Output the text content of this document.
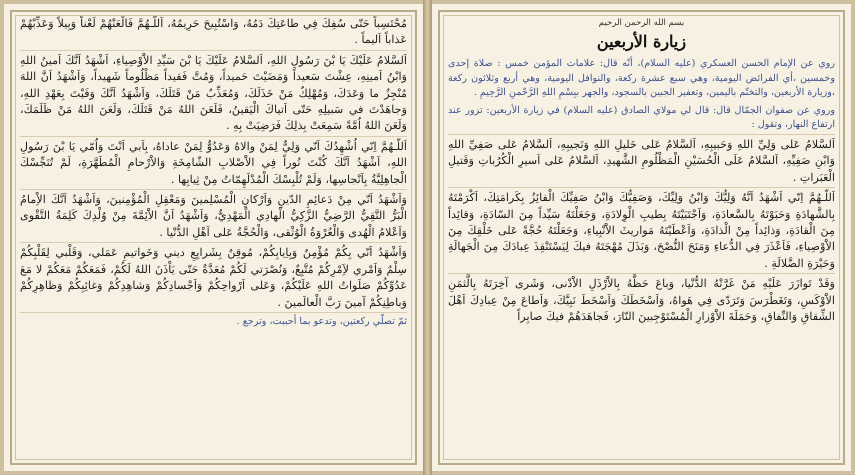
مُحْتَسِباً حَتّى سُفِكَ فِي طاعَتِكَ دَمُهُ، وَاسْتُبِيحَ حَرِيمُهُ، اَللّـهُمَّ فَالْعَنْهُمْ لَعْناً وَبِيلاً وَعَذِّبْهُمْ عَذاباً اَليماً .

اَلسَّلامُ عَلَيْكَ يَا بْنَ رَسُولِ اللهِ، اَلسَّلامُ عَلَيْكَ يَا بْنَ سَيِّدِ الاَْوْصِياءِ، اَشْهَدُ اَنَّكَ اَمينُ اللهِ وَابْنُ اَمينِهِ، عِشْتَ سَعيداً وَمَضَيْتَ حَميداً، وَمُتَّ فَقيداً مَظْلُوماً شَهيداً، وَاَشْهَدُ اَنَّ اللهَ مُنْجِزٌ ما وَعَدَكَ، وَمُهْلِكٌ مَنْ خَذَلَكَ، وَمُعَذِّبٌ مَنْ قَتَلَكَ، وَاَشْهَدُ اَنَّكَ وَفَيْتَ بِعَهْدِ اللهِ، وَجاهَدْتَ في سَبيلِهِ حَتّى اَتياكَ الْيَقينُ، فَلَعَنَ اللهُ مَنْ قَتَلَكَ، وَلَعَنَ اللهُ مَنْ ظَلَمَكَ، وَلَعَنَ اللهُ اُمَّةً سَمِعَتْ بِذلِكَ فَرَضِيَتْ بِهِ .

اَللّـهُمَّ اِنّي اُشْهِدُكَ اَنّي وَلِيٌّ لِمَنْ والاهُ وَعَدُوٌّ لِمَنْ عاداهُ، بِاَبي اَنْتَ وَاُمّي يَا بْنَ رَسُولِ اللهِ، اَشْهَدُ اَنَّكَ كُنْتَ نُوراً فِي الاَْصْلابِ الشّامِخَةِ وَالاَْرْحامِ الْمُطَهَّرَةِ، لَمْ تُنَجِّسْكَ الْجاهِلِيَّةُ بِاَنْجاسِها، وَلَمْ تُلْبِسْكَ الْمُدْلَهِمّاتُ مِنْ ثِيابِها .

وَاَشْهَدُ اَنّي مِنْ دَعائِمِ الدّينِ وَاَرْكانِ الْمُسْلِمينَ وَمَعْقِلِ الْمُؤْمِنينَ، وَاَشْهَدُ اَنَّكَ الاِْمامُ الْبَرُّ التَّقِيُّ الرَّضِيُّ الزَّكِيُّ الْهادِي الْمَهْدِيُّ، وَاَشْهَدُ اَنَّ الاَْئِمَّةَ مِنْ وُلْدِكَ كَلِمَةُ التَّقْوى وَاَعْلامُ الْهُدى وَالْعُرْوَةُ الْوُثْقى، وَالْحُجَّةُ عَلى اَهْلِ الدُّنْيا .

وَاَشْهَدُ اَنّي بِكُمْ مُؤْمِنٌ وَبِاِيابِكُمْ، مُوقِنٌ بِشَرايِعِ ديني وَخَواتيمِ عَمَلي، وَقَلْبي لِقَلْبِكُمْ سِلْمٌ وَاَمْري لاَِمْرِكُمْ مُتَّبِعٌ، وَنُصْرَتي لَكُمْ مُعَدَّةٌ حَتّى يَاْذَنَ اللهُ لَكُمْ، فَمَعَكُمْ مَعَكُمْ لا مَعَ عَدُوِّكُمْ صَلَواتُ اللهِ عَلَيْكُمْ، وَعَلى اَرْواحِكُمْ وَاَجْسادِكُمْ وَشاهِدِكُمْ وَغائِبِكُمْ وَظاهِرِكُمْ وَباطِنِكُمْ آمينَ رَبَّ الْعالَمينَ .

ثمّ تصلّي ركعتين، وتدعو بما أحببت، وترجع .

بسم الله الرحمن الرحيم
زيارة الأربعين

روي عن الإمام الحسن العسكري (عليه السلام)، أنّه قال: علامات المؤمن خمس : صلاة إحدى وخمسين ،أي الفرائض اليومية، وهي سبع عشرة ركعة، والنوافل اليومية، وهي أربع وثلاثون ركعة ،وزيارة الأربعين، والتختّم باليمين، وتعفير الجبين بالسجود، والجهر ببِسْمِ اللهِ الرَّحْمنِ الرَّحِيمِ .

وروي عن صفوان الجمّال قال: قال لي مولاي الصادق (عليه السلام) في زيارة الأربعين: تزور عند ارتفاع النهار، وتقول :

اَلسَّلامُ عَلى وَلِيِّ اللهِ وَحَبيبِهِ، اَلسَّلامُ عَلى خَليلِ اللهِ وَنَجيبِهِ، اَلسَّلامُ عَلى صَفِيِّ اللهِ وَابْنِ صَفِيِّهِ، اَلسَّلامُ عَلَى الْحُسَيْنِ الْمَظْلُومِ الشَّهيدِ، اَلسَّلامُ عَلى اَسيرِ الْكُرُباتِ وَقَتيلِ الْعَبَراتِ .

اَللّـهُمَّ اِنّي اَشْهَدُ اَنَّهُ وَلِيُّكَ وَابْنُ وَلِيِّكَ، وَصَفِيُّكَ وَابْنُ صَفِيِّكَ الْفائِزُ بِكَرامَتِكَ، اَكْرَمْتَهُ بِالشَّهادَةِ وَحَبَوْتَهُ بِالسَّعادَةِ، وَاَجْتَبَيْتَهُ بِطيبِ الْوِلادَةِ، وَجَعَلْتَهُ سَيِّداً مِنَ السّادَةِ، وَقائِداً مِنَ الْقادَةِ، وَذائِداً مِنْ الْذادَةِ، وَاَعْطَيْتَهُ مَواريثَ الاَْنْبِياءِ، وَجَعَلْتَهُ حُجَّةً عَلى خَلْقِكَ مِنَ الاَْوْصِياءِ، فَاَعْذَرَ فِي الدُّعاءِ وَمَنَحَ النُّصْحَ، وَبَذَلَ مُهْجَتَهُ فيكَ لِيَسْتَنْقِذَ عِبادَكَ مِنَ الْجَهالَةِ وَحَيْرَةِ الضَّلالَةِ .

وَقَدْ تَوازَرَ عَلَيْهِ مَنْ غَرَّتْهُ الدُّنْيا، وَباعَ حَظَّهُ بِالاَْرْذَلِ الاَْدْنى، وَشَرى آخِرَتَهُ بِالَّثمَنِ الاَْوْكَسِ، وَتَغَطْرَسَ وَتَرَدّى فِي هَواهُ، وَاَسْخَطَكَ وَاَسْخَطَ نَبِيَّكَ، وَاَطاعَ مِنْ عِبادِكَ اَهْلَ الشِّقاقِ وَالنِّفاقِ، وَحَمَلَةَ الاَْوْزارِ الْمُسْتَوْجِبينَ النّارَ، فَجاهَدَهُمْ فيكَ صابِراً
